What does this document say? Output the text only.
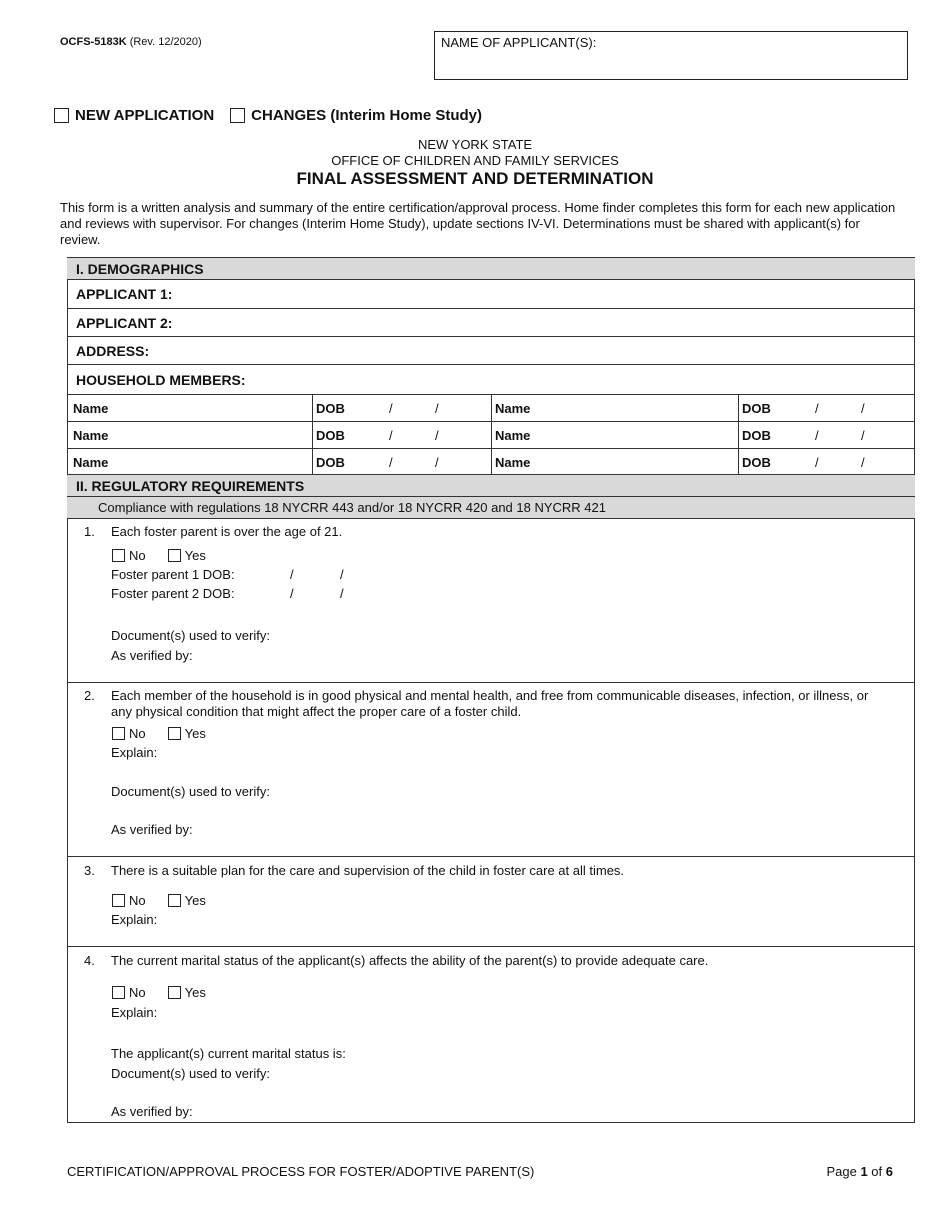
OCFS-5183K (Rev. 12/2020)	NAME OF APPLICANT(S):
NEW APPLICATION CHANGES (Interim Home Study)
NEW YORK STATE
OFFICE OF CHILDREN AND FAMILY SERVICES
FINAL ASSESSMENT AND DETERMINATION
This form is a written analysis and summary of the entire certification/approval process. Home finder completes this form for each new application and reviews with supervisor. For changes (Interim Home Study), update sections IV-VI. Determinations must be shared with applicant(s) for review.
I. DEMOGRAPHICS
APPLICANT 1:
APPLICANT 2:
ADDRESS:
HOUSEHOLD MEMBERS:
Name	DOB	/	/	Name	DOB	/	/
Name	DOB	/	/	Name	DOB	/	/
Name	DOB	/	/	Name	DOB	/	/
II. REGULATORY REQUIREMENTS
Compliance with regulations 18 NYCRR 443 and/or 18 NYCRR 420 and 18 NYCRR 421
1. Each foster parent is over the age of 21.
No	Yes
Foster parent 1 DOB:	/	/
Foster parent 2 DOB:	/	/
Document(s) used to verify:
As verified by:
2. Each member of the household is in good physical and mental health, and free from communicable diseases, infection, or illness, or any physical condition that might affect the proper care of a foster child.
No	Yes
Explain:
Document(s) used to verify:
As verified by:
3. There is a suitable plan for the care and supervision of the child in foster care at all times.
No	Yes
Explain:
4. The current marital status of the applicant(s) affects the ability of the parent(s) to provide adequate care.
No	Yes
Explain:
The applicant(s) current marital status is:
Document(s) used to verify:
As verified by:
CERTIFICATION/APPROVAL PROCESS FOR FOSTER/ADOPTIVE PARENT(S)	Page 1 of 6
